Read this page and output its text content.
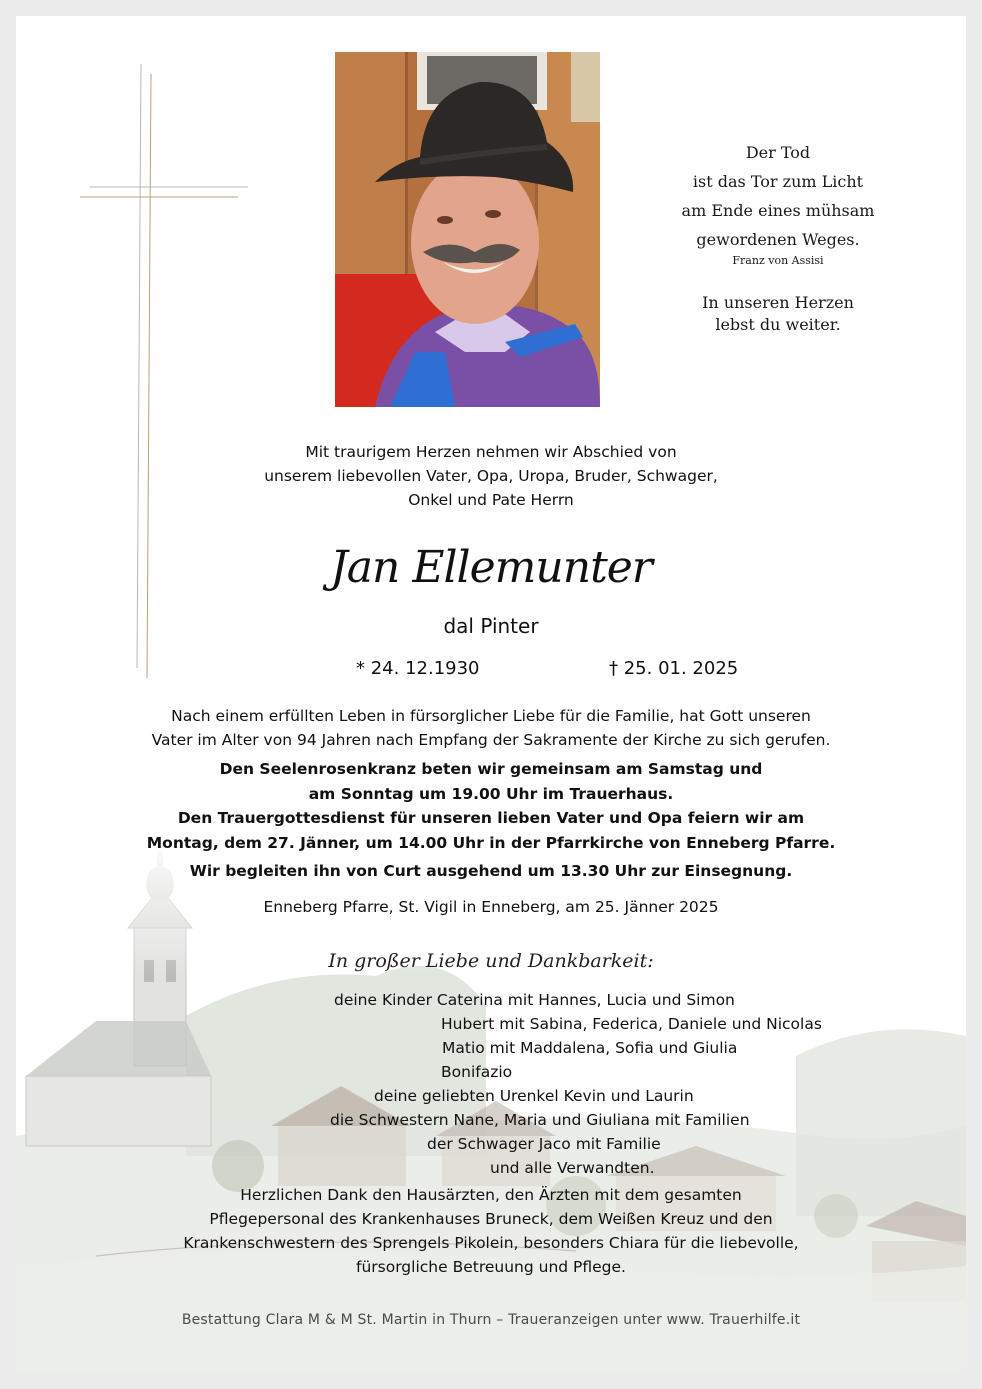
Der Tod
ist das Tor zum Licht
am Ende eines mühsam
gewordenen Weges.
Franz von Assisi
In unseren Herzen
lebst du weiter.
Mit traurigem Herzen nehmen wir Abschied von
unserem liebevollen Vater, Opa, Uropa, Bruder, Schwager,
Onkel und Pate Herrn
Jan Ellemunter
dal Pinter
* 24. 12.1930	† 25. 01. 2025
Nach einem erfüllten Leben in fürsorglicher Liebe für die Familie, hat Gott unseren
Vater im Alter von 94 Jahren nach Empfang der Sakramente der Kirche zu sich gerufen.
Den Seelenrosenkranz beten wir gemeinsam am Samstag und
am Sonntag um 19.00 Uhr im Trauerhaus.
Den Trauergottesdienst für unseren lieben Vater und Opa feiern wir am
Montag, dem 27. Jänner, um 14.00 Uhr in der Pfarrkirche von Enneberg Pfarre.
Wir begleiten ihn von Curt ausgehend um 13.30 Uhr zur Einsegnung.
Enneberg Pfarre, St. Vigil in Enneberg, am 25. Jänner 2025
In großer Liebe und Dankbarkeit:
deine Kinder Caterina mit Hannes, Lucia und Simon
Hubert mit Sabina, Federica, Daniele und Nicolas
Matio mit Maddalena, Sofia und Giulia
Bonifazio
deine geliebten Urenkel Kevin und Laurin
die Schwestern Nane, Maria und Giuliana mit Familien
der Schwager Jaco mit Familie
und alle Verwandten.
Herzlichen Dank den Hausärzten, den Ärzten mit dem gesamten
Pflegepersonal des Krankenhauses Bruneck, dem Weißen Kreuz und den
Krankenschwestern des Sprengels Pikolein, besonders Chiara für die liebevolle,
fürsorgliche Betreuung und Pflege.
Bestattung Clara M & M St. Martin in Thurn – Traueranzeigen unter www. Trauerhilfe.it
